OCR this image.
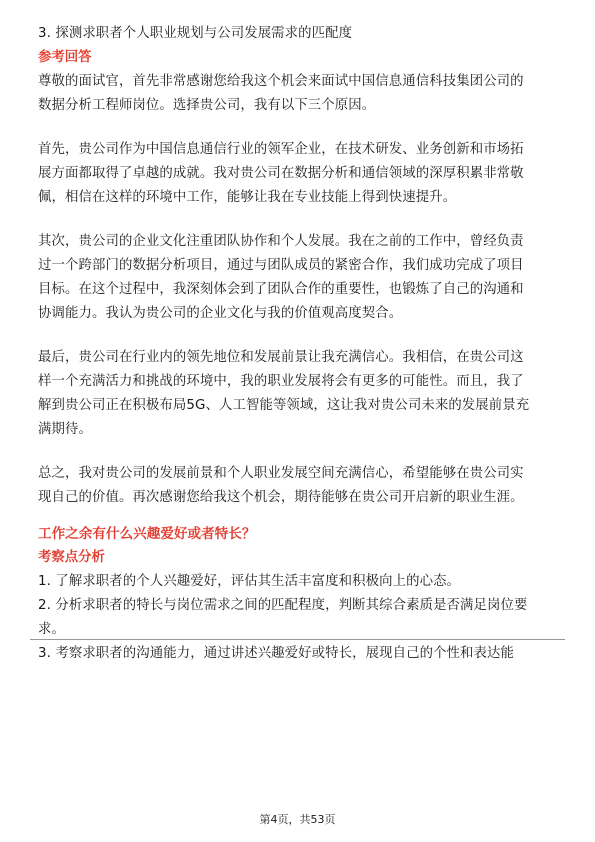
3. 探测求职者个人职业规划与公司发展需求的匹配度
参考回答
尊敬的面试官，首先非常感谢您给我这个机会来面试中国信息通信科技集团公司的
数据分析工程师岗位。选择贵公司，我有以下三个原因。
首先，贵公司作为中国信息通信行业的领军企业，在技术研发、业务创新和市场拓
展方面都取得了卓越的成就。我对贵公司在数据分析和通信领域的深厚积累非常敬
佩，相信在这样的环境中工作，能够让我在专业技能上得到快速提升。
其次，贵公司的企业文化注重团队协作和个人发展。我在之前的工作中，曾经负责
过一个跨部门的数据分析项目，通过与团队成员的紧密合作，我们成功完成了项目
目标。在这个过程中，我深刻体会到了团队合作的重要性，也锻炼了自己的沟通和
协调能力。我认为贵公司的企业文化与我的价值观高度契合。
最后，贵公司在行业内的领先地位和发展前景让我充满信心。我相信，在贵公司这
样一个充满活力和挑战的环境中，我的职业发展将会有更多的可能性。而且，我了
解到贵公司正在积极布局5G、人工智能等领域，这让我对贵公司未来的发展前景充
满期待。
总之，我对贵公司的发展前景和个人职业发展空间充满信心，希望能够在贵公司实
现自己的价值。再次感谢您给我这个机会，期待能够在贵公司开启新的职业生涯。
工作之余有什么兴趣爱好或者特长？
考察点分析
1. 了解求职者的个人兴趣爱好，评估其生活丰富度和积极向上的心态。
2. 分析求职者的特长与岗位需求之间的匹配程度，判断其综合素质是否满足岗位要
求。
3. 考察求职者的沟通能力，通过讲述兴趣爱好或特长，展现自己的个性和表达能
第4页，共53页
